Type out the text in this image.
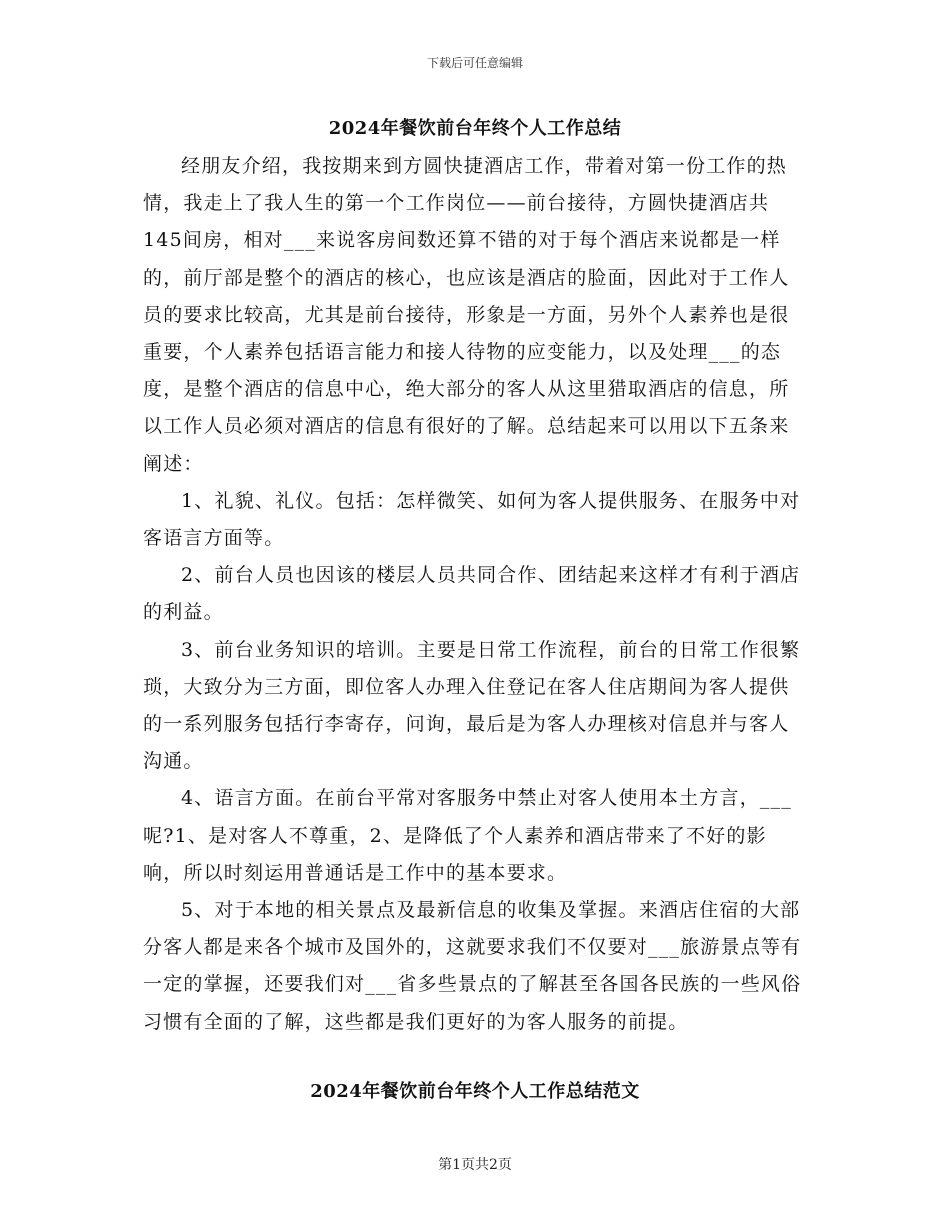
下载后可任意编辑
2024年餐饮前台年终个人工作总结

经朋友介绍，我按期来到方圆快捷酒店工作，带着对第一份工作的热情，我走上了我人生的第一个工作岗位——前台接待，方圆快捷酒店共145间房，相对___来说客房间数还算不错的对于每个酒店来说都是一样的，前厅部是整个的酒店的核心，也应该是酒店的脸面，因此对于工作人员的要求比较高，尤其是前台接待，形象是一方面，另外个人素养也是很重要，个人素养包括语言能力和接人待物的应变能力，以及处理___的态度，是整个酒店的信息中心，绝大部分的客人从这里猎取酒店的信息，所以工作人员必须对酒店的信息有很好的了解。总结起来可以用以下五条来阐述：

1、礼貌、礼仪。包括：怎样微笑、如何为客人提供服务、在服务中对客语言方面等。

2、前台人员也因该的楼层人员共同合作、团结起来这样才有利于酒店的利益。

3、前台业务知识的培训。主要是日常工作流程，前台的日常工作很繁琐，大致分为三方面，即位客人办理入住登记在客人住店期间为客人提供的一系列服务包括行李寄存，问询，最后是为客人办理核对信息并与客人沟通。

4、语言方面。在前台平常对客服务中禁止对客人使用本土方言，___呢?1、是对客人不尊重，2、是降低了个人素养和酒店带来了不好的影响，所以时刻运用普通话是工作中的基本要求。

5、对于本地的相关景点及最新信息的收集及掌握。来酒店住宿的大部分客人都是来各个城市及国外的，这就要求我们不仅要对___旅游景点等有一定的掌握，还要我们对___省多些景点的了解甚至各国各民族的一些风俗习惯有全面的了解，这些都是我们更好的为客人服务的前提。

2024年餐饮前台年终个人工作总结范文
第1页共2页
